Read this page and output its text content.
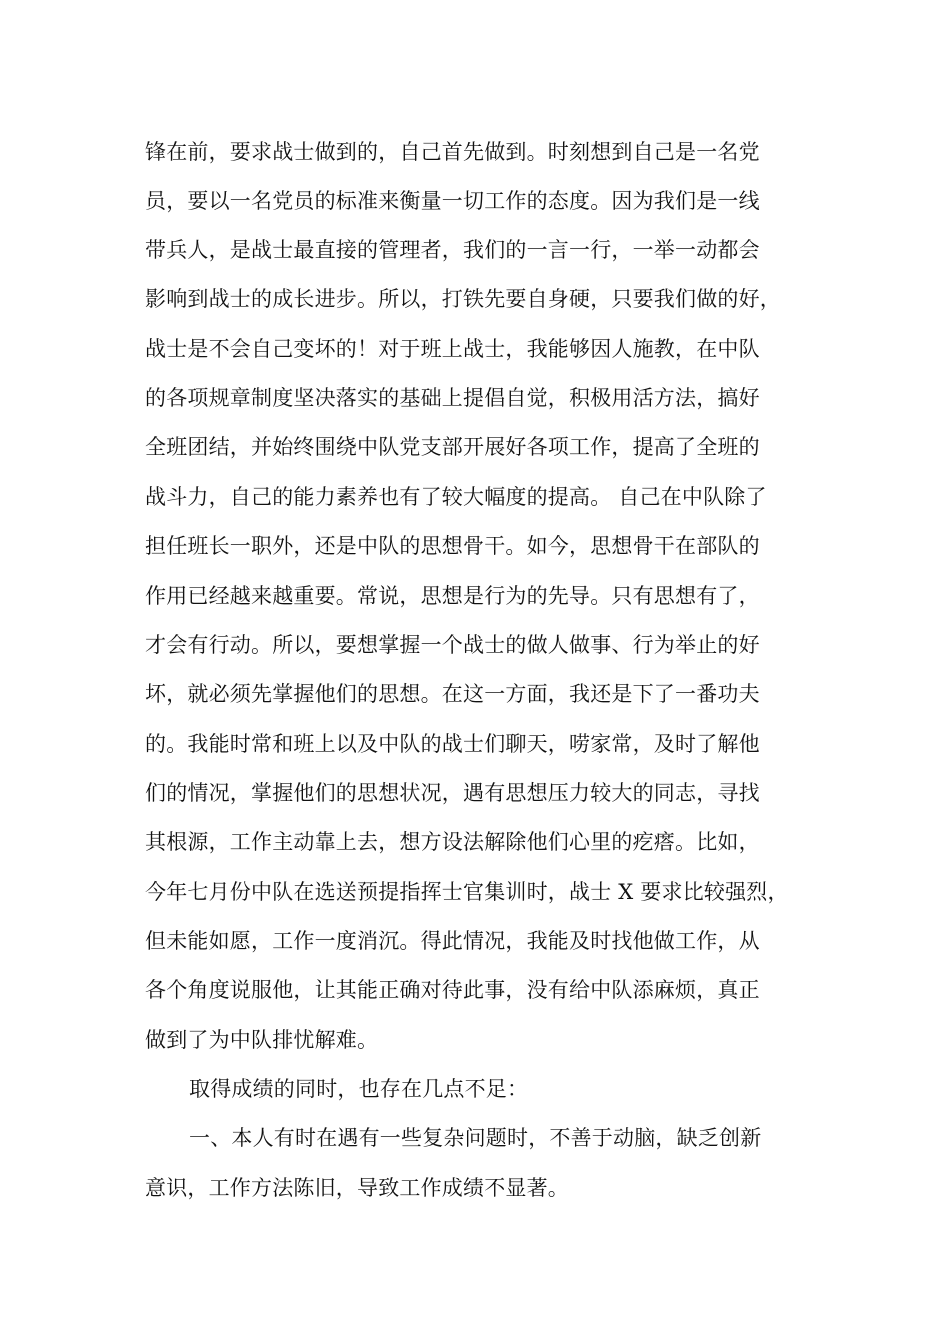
锋在前，要求战士做到的，自己首先做到。时刻想到自己是一名党
员，要以一名党员的标准来衡量一切工作的态度。因为我们是一线
带兵人，是战士最直接的管理者，我们的一言一行，一举一动都会
影响到战士的成长进步。所以，打铁先要自身硬，只要我们做的好，
战士是不会自己变坏的！对于班上战士，我能够因人施教，在中队
的各项规章制度坚决落实的基础上提倡自觉，积极用活方法，搞好
全班团结，并始终围绕中队党支部开展好各项工作，提高了全班的
战斗力，自己的能力素养也有了较大幅度的提高。 自己在中队除了
担任班长一职外，还是中队的思想骨干。如今，思想骨干在部队的
作用已经越来越重要。常说，思想是行为的先导。只有思想有了，
才会有行动。所以，要想掌握一个战士的做人做事、行为举止的好
坏，就必须先掌握他们的思想。在这一方面，我还是下了一番功夫
的。我能时常和班上以及中队的战士们聊天，唠家常，及时了解他
们的情况，掌握他们的思想状况，遇有思想压力较大的同志，寻找
其根源，工作主动靠上去，想方设法解除他们心里的疙瘩。比如，
今年七月份中队在选送预提指挥士官集训时，战士 X 要求比较强烈，
但未能如愿，工作一度消沉。得此情况，我能及时找他做工作，从
各个角度说服他，让其能正确对待此事，没有给中队添麻烦，真正
做到了为中队排忧解难。
取得成绩的同时，也存在几点不足：
一、本人有时在遇有一些复杂问题时，不善于动脑，缺乏创新
意识，工作方法陈旧，导致工作成绩不显著。
